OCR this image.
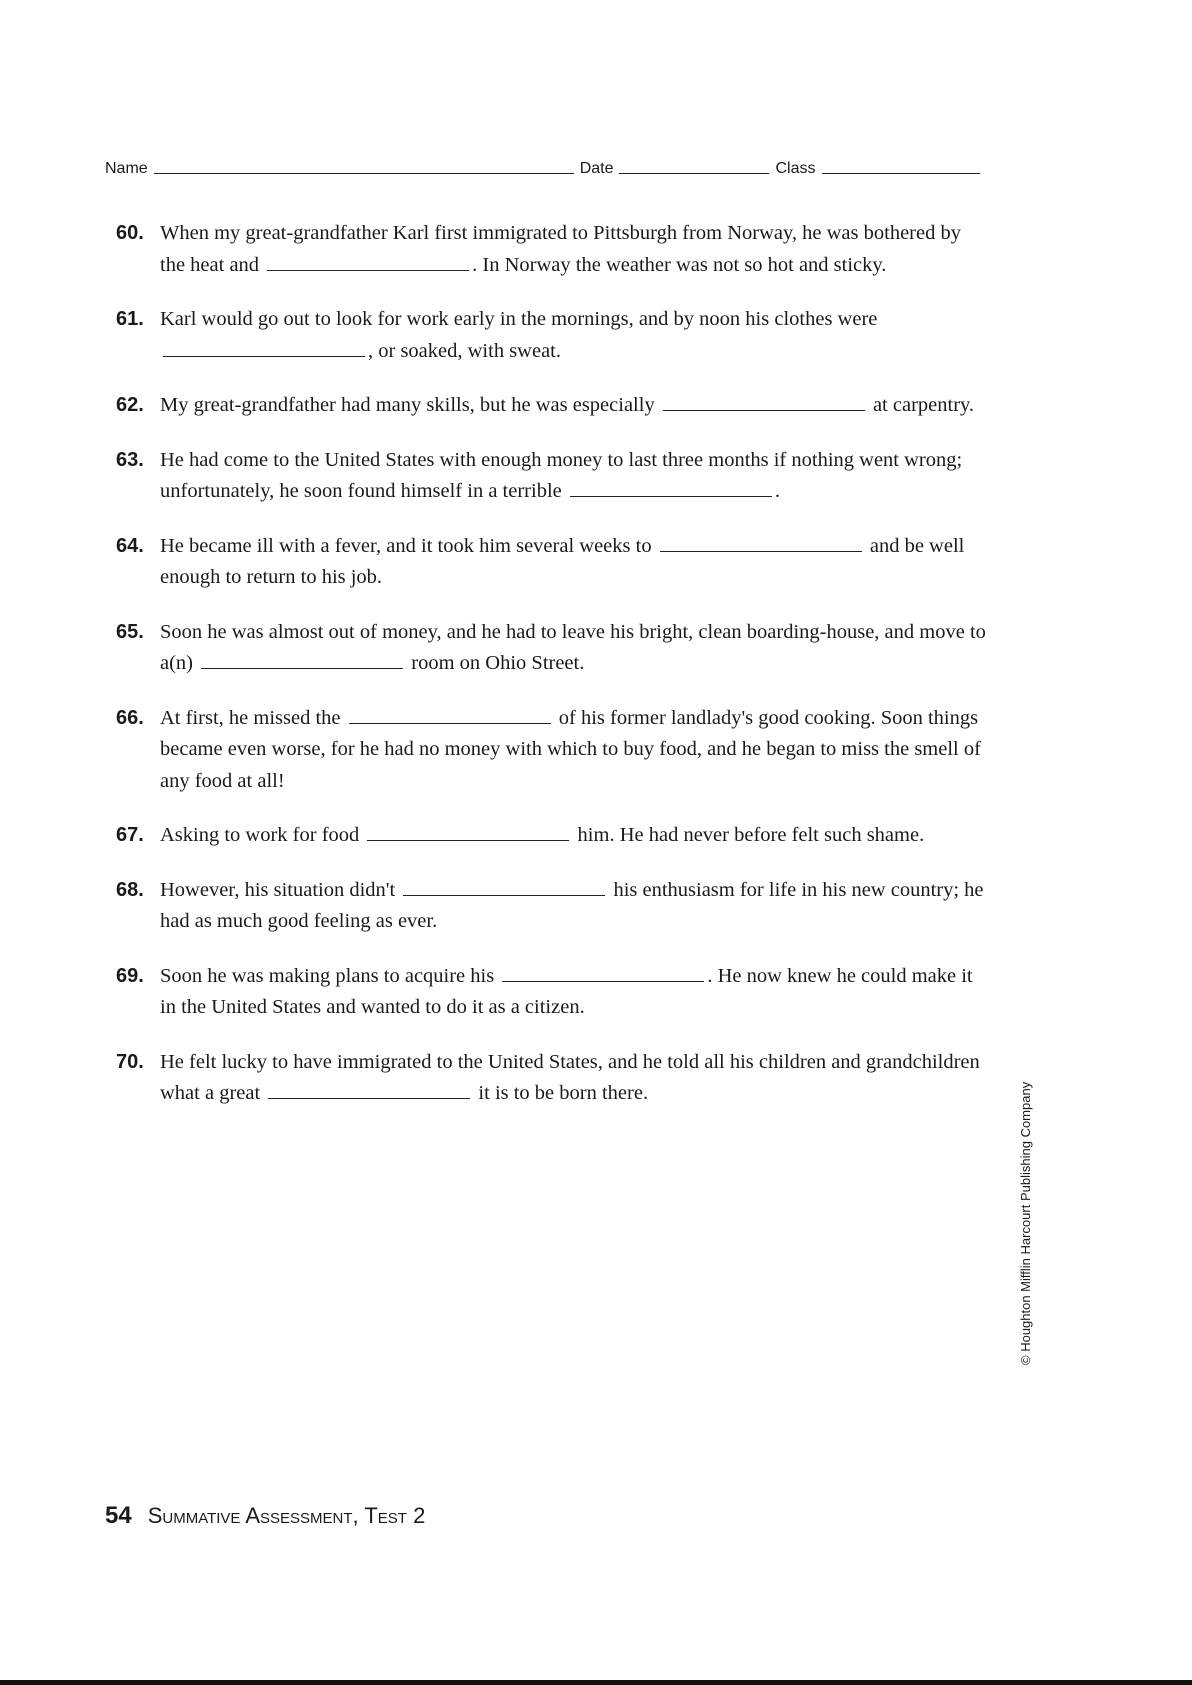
Name	Date	Class
60. When my great-grandfather Karl first immigrated to Pittsburgh from Norway, he was bothered by the heat and	. In Norway the weather was not so hot and sticky.
61. Karl would go out to look for work early in the mornings, and by noon his clothes were , or soaked, with sweat.
62. My great-grandfather had many skills, but he was especially	at carpentry.
63. He had come to the United States with enough money to last three months if nothing went wrong; unfortunately, he soon found himself in a terrible	.
64. He became ill with a fever, and it took him several weeks to	and be well enough to return to his job.
65. Soon he was almost out of money, and he had to leave his bright, clean boarding-house, and move to a(n)	room on Ohio Street.
66. At first, he missed the	of his former landlady's good cooking. Soon things became even worse, for he had no money with which to buy food, and he began to miss the smell of any food at all!
67. Asking to work for food	him. He had never before felt such shame.
68. However, his situation didn't	his enthusiasm for life in his new country; he had as much good feeling as ever.
69. Soon he was making plans to acquire his	. He now knew he could make it in the United States and wanted to do it as a citizen.
70. He felt lucky to have immigrated to the United States, and he told all his children and grandchildren what a great	it is to be born there.	© Houghton Mifflin Harcourt Publishing Company
54 Summative Assessment, Test 2
